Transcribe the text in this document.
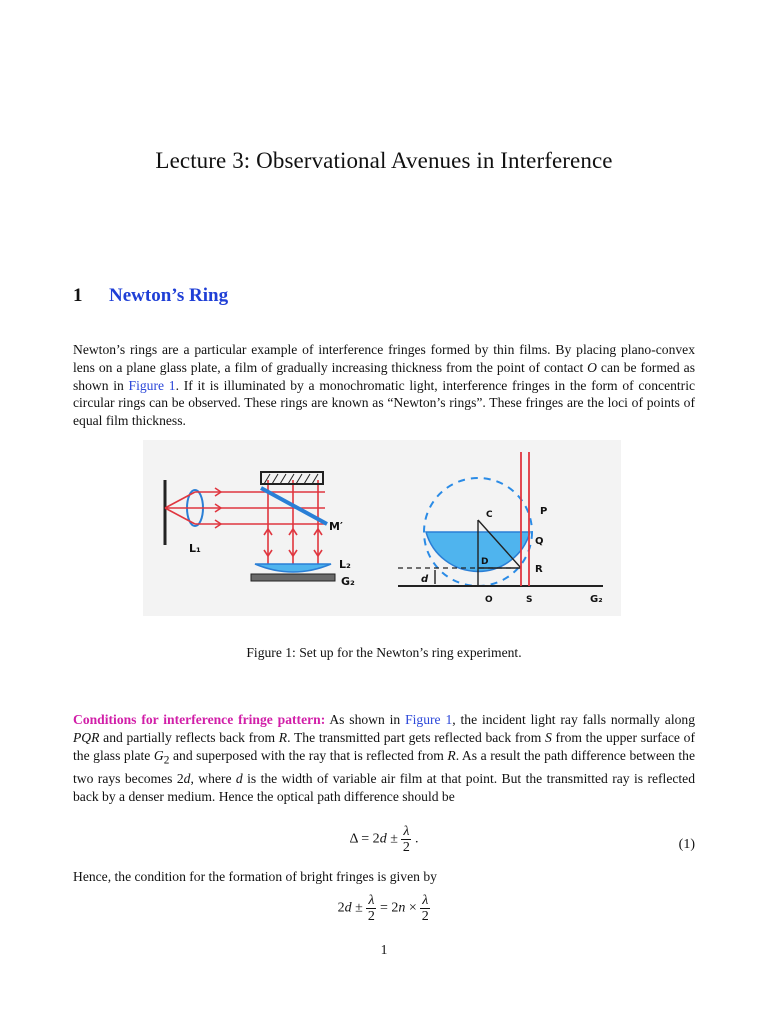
Lecture 3: Observational Avenues in Interference
1 Newton’s Ring

Newton’s rings are a particular example of interference fringes formed by thin films. By placing plano-convex lens on a plane glass plate, a film of gradually increasing thickness from the point of contact O can be formed as shown in Figure 1. If it is illuminated by a monochromatic light, interference fringes in the form of concentric circular rings can be observed. These rings are known as “Newton’s rings”. These fringes are the loci of points of equal film thickness.

L₁
M′
L₂
G₂
C	P
Q
D
R
d
O	S	G₂
Figure 1: Set up for the Newton’s ring experiment.

Conditions for interference fringe pattern: As shown in Figure 1, the incident light ray falls normally along PQR and partially reflects back from R. The transmitted part gets reflected back from S from the upper surface of the glass plate $G_2$ and superposed with the ray that is reflected from R. As a result the path difference between the two rays becomes 2d, where d is the width of variable air film at that point. But the transmitted ray is reflected back by a denser medium. Hence the optical path difference should be

$\Delta = 2d \pm \frac{\lambda}{2}$ .	(1)

Hence, the condition for the formation of bright fringes is given by

$2d \pm \frac{\lambda}{2} = 2n \times \frac{\lambda}{2}$
1
